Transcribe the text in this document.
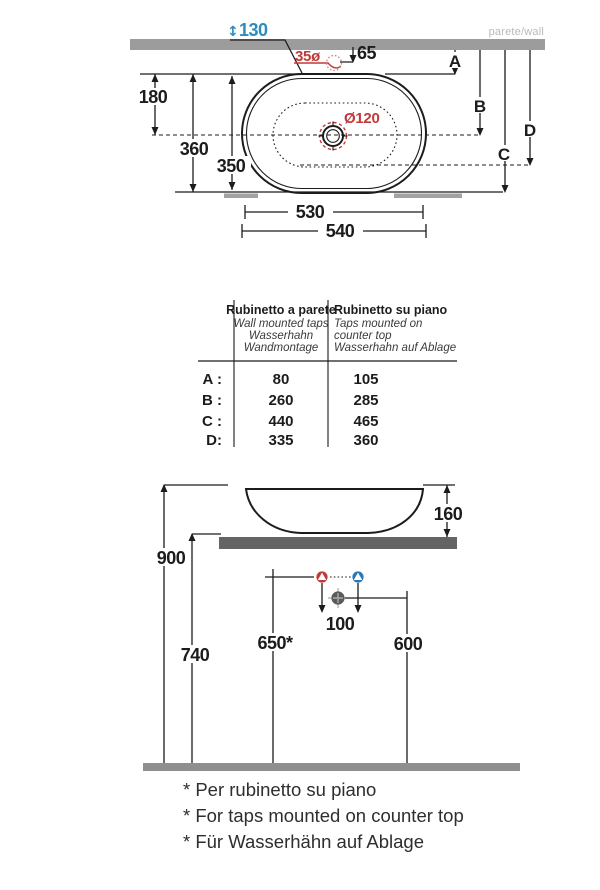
parete/wall
↕ 130
35ø 65
180
360
350
Ø120
A
B
C
D
530
540
Rubinetto a parete
Wall mounted taps
Wasserhahn
Wandmontage
Rubinetto su piano
Taps mounted on
counter top
Wasserhahn auf Ablage
A :	80	105
B :	260	285
C :	440	465
D:	335	360
900
160
740
650*
100
600
* Per rubinetto su piano
* For taps mounted on counter top
* Für Wasserhähn auf Ablage
